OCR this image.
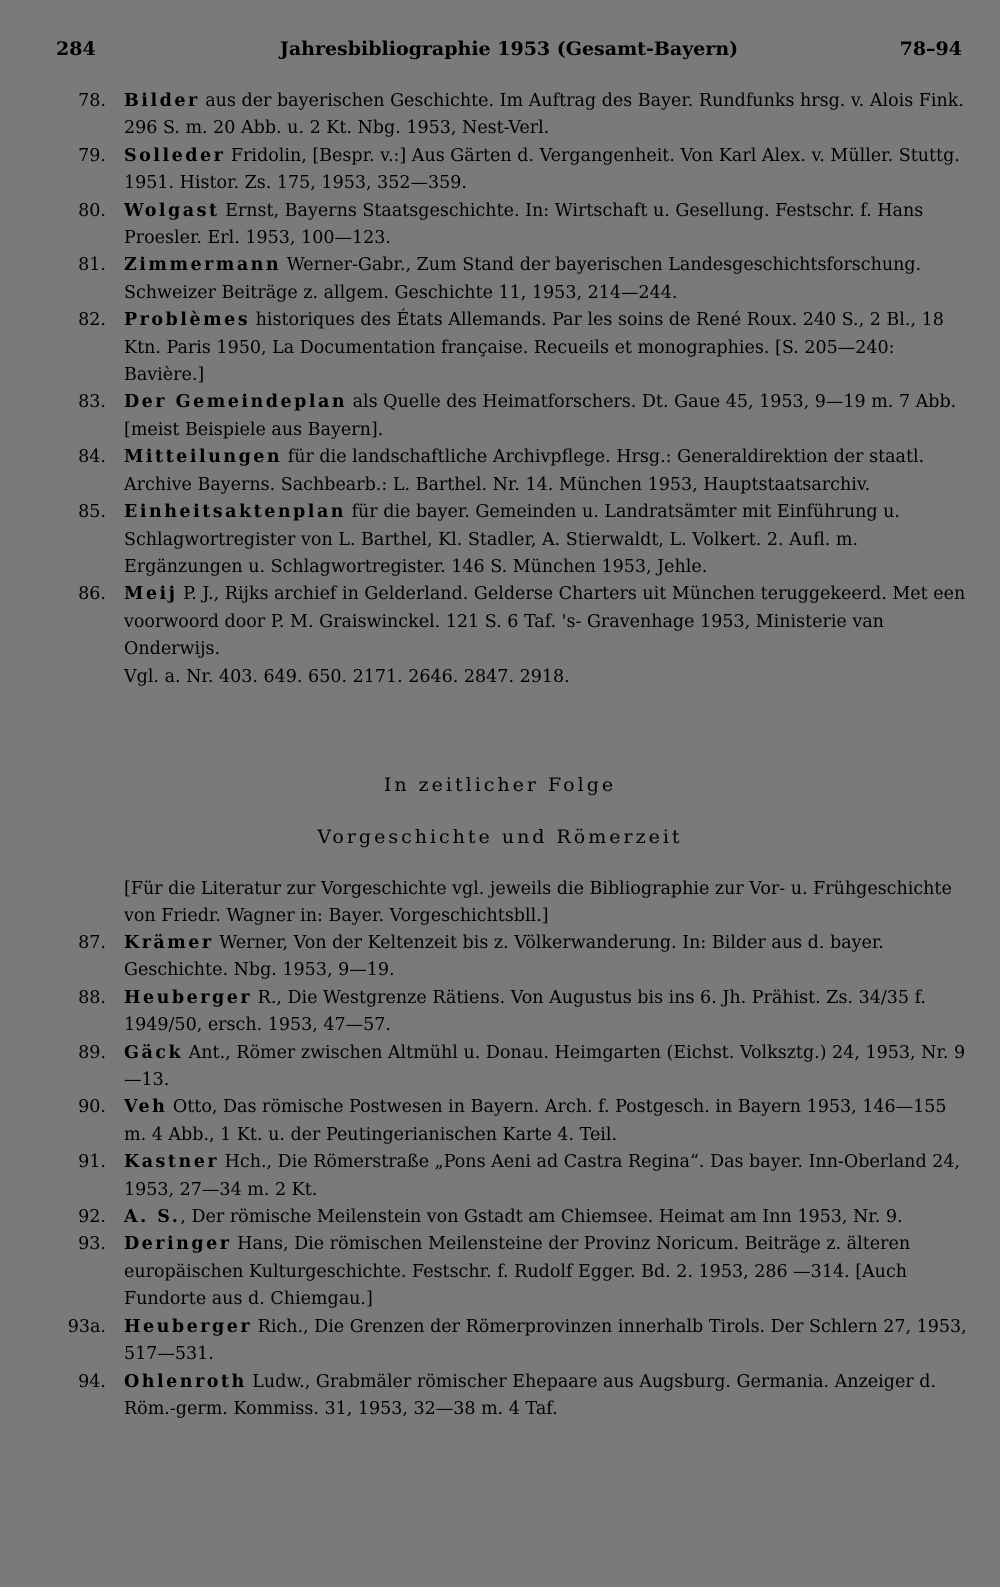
284	Jahresbibliographie 1953 (Gesamt-Bayern)	78–94
78. Bilder aus der bayerischen Geschichte. Im Auftrag des Bayer. Rundfunks hrsg. v. Alois Fink. 296 S. m. 20 Abb. u. 2 Kt. Nbg. 1953, Nest-Verl.
79. Solleder Fridolin, [Bespr. v.:] Aus Gärten d. Vergangenheit. Von Karl Alex. v. Müller. Stuttg. 1951. Histor. Zs. 175, 1953, 352—359.
80. Wolgast Ernst, Bayerns Staatsgeschichte. In: Wirtschaft u. Gesellung. Festschr. f. Hans Proesler. Erl. 1953, 100—123.
81. Zimmermann Werner-Gabr., Zum Stand der bayerischen Landesgeschichtsforschung. Schweizer Beiträge z. allgem. Geschichte 11, 1953, 214—244.
82. Problèmes historiques des États Allemands. Par les soins de René Roux. 240 S., 2 Bl., 18 Ktn. Paris 1950, La Documentation française. Recueils et monographies. [S. 205—240: Bavière.]
83. Der Gemeindeplan als Quelle des Heimatforschers. Dt. Gaue 45, 1953, 9—19 m. 7 Abb. [meist Beispiele aus Bayern].
84. Mitteilungen für die landschaftliche Archivpflege. Hrsg.: Generaldirektion der staatl. Archive Bayerns. Sachbearb.: L. Barthel. Nr. 14. München 1953, Hauptstaatsarchiv.
85. Einheitsaktenplan für die bayer. Gemeinden u. Landratsämter mit Einführung u. Schlagwortregister von L. Barthel, Kl. Stadler, A. Stierwaldt, L. Volkert. 2. Aufl. m. Ergänzungen u. Schlagwortregister. 146 S. München 1953, Jehle.
86. Meij P. J., Rijks archief in Gelderland. Gelderse Charters uit München teruggekeerd. Met een voorwoord door P. M. Graiswinckel. 121 S. 6 Taf. 's- Gravenhage 1953, Ministerie van Onderwijs.
Vgl. a. Nr. 403. 649. 650. 2171. 2646. 2847. 2918.
In zeitlicher Folge
Vorgeschichte und Römerzeit
[Für die Literatur zur Vorgeschichte vgl. jeweils die Bibliographie zur Vor- u. Frühgeschichte von Friedr. Wagner in: Bayer. Vorgeschichtsbll.]
87. Krämer Werner, Von der Keltenzeit bis z. Völkerwanderung. In: Bilder aus d. bayer. Geschichte. Nbg. 1953, 9—19.
88. Heuberger R., Die Westgrenze Rätiens. Von Augustus bis ins 6. Jh. Prähist. Zs. 34/35 f. 1949/50, ersch. 1953, 47—57.
89. Gäck Ant., Römer zwischen Altmühl u. Donau. Heimgarten (Eichst. Volksztg.) 24, 1953, Nr. 9—13.
90. Veh Otto, Das römische Postwesen in Bayern. Arch. f. Postgesch. in Bayern 1953, 146—155 m. 4 Abb., 1 Kt. u. der Peutingerianischen Karte 4. Teil.
91. Kastner Hch., Die Römerstraße „Pons Aeni ad Castra Regina“. Das bayer. Inn-Oberland 24, 1953, 27—34 m. 2 Kt.
92. A. S., Der römische Meilenstein von Gstadt am Chiemsee. Heimat am Inn 1953, Nr. 9.
93. Deringer Hans, Die römischen Meilensteine der Provinz Noricum. Beiträge z. älteren europäischen Kulturgeschichte. Festschr. f. Rudolf Egger. Bd. 2. 1953, 286 —314. [Auch Fundorte aus d. Chiemgau.]
93a. Heuberger Rich., Die Grenzen der Römerprovinzen innerhalb Tirols. Der Schlern 27, 1953, 517—531.
94. Ohlenroth Ludw., Grabmäler römischer Ehepaare aus Augsburg. Germania. Anzeiger d. Röm.-germ. Kommiss. 31, 1953, 32—38 m. 4 Taf.
